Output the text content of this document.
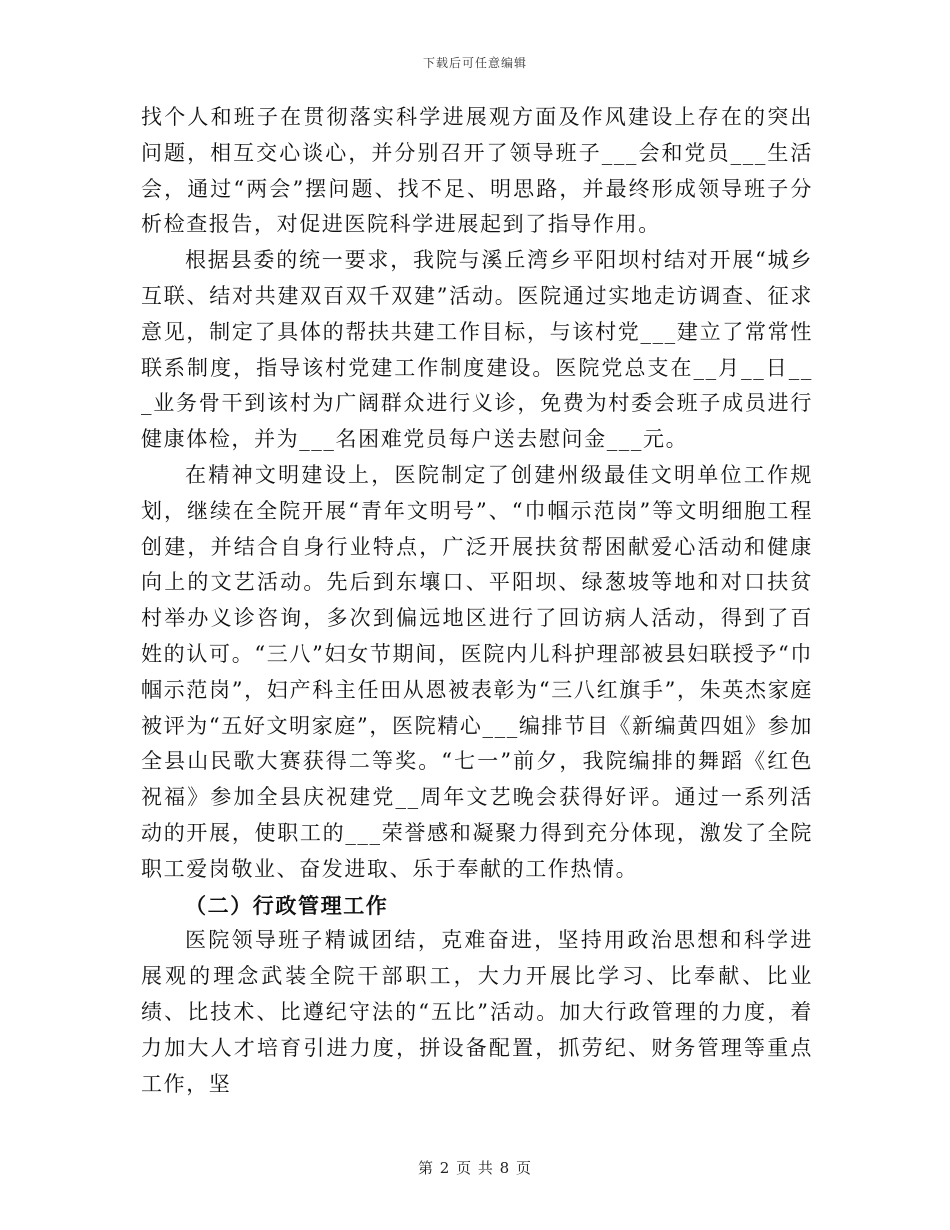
下载后可任意编辑

找个人和班子在贯彻落实科学进展观方面及作风建设上存在的突出问题，相互交心谈心，并分别召开了领导班子___会和党员___生活会，通过“两会”摆问题、找不足、明思路，并最终形成领导班子分析检查报告，对促进医院科学进展起到了指导作用。

根据县委的统一要求，我院与溪丘湾乡平阳坝村结对开展“城乡互联、结对共建双百双千双建”活动。医院通过实地走访调查、征求意见，制定了具体的帮扶共建工作目标，与该村党___建立了常常性联系制度，指导该村党建工作制度建设。医院党总支在__月__日___业务骨干到该村为广阔群众进行义诊，免费为村委会班子成员进行健康体检，并为___名困难党员每户送去慰问金___元。

在精神文明建设上，医院制定了创建州级最佳文明单位工作规划，继续在全院开展“青年文明号”、“巾帼示范岗”等文明细胞工程创建，并结合自身行业特点，广泛开展扶贫帮困献爱心活动和健康向上的文艺活动。先后到东壤口、平阳坝、绿葱坡等地和对口扶贫村举办义诊咨询，多次到偏远地区进行了回访病人活动，得到了百姓的认可。“三八”妇女节期间，医院内儿科护理部被县妇联授予“巾帼示范岗”，妇产科主任田从恩被表彰为“三八红旗手”，朱英杰家庭被评为“五好文明家庭”，医院精心___编排节目《新编黄四姐》参加全县山民歌大赛获得二等奖。“七一”前夕，我院编排的舞蹈《红色祝福》参加全县庆祝建党__周年文艺晚会获得好评。通过一系列活动的开展，使职工的___荣誉感和凝聚力得到充分体现，激发了全院职工爱岗敬业、奋发进取、乐于奉献的工作热情。

（二）行政管理工作

医院领导班子精诚团结，克难奋进，坚持用政治思想和科学进展观的理念武装全院干部职工，大力开展比学习、比奉献、比业绩、比技术、比遵纪守法的“五比”活动。加大行政管理的力度，着力加大人才培育引进力度，拼设备配置，抓劳纪、财务管理等重点工作，坚

第 2 页 共 8 页
